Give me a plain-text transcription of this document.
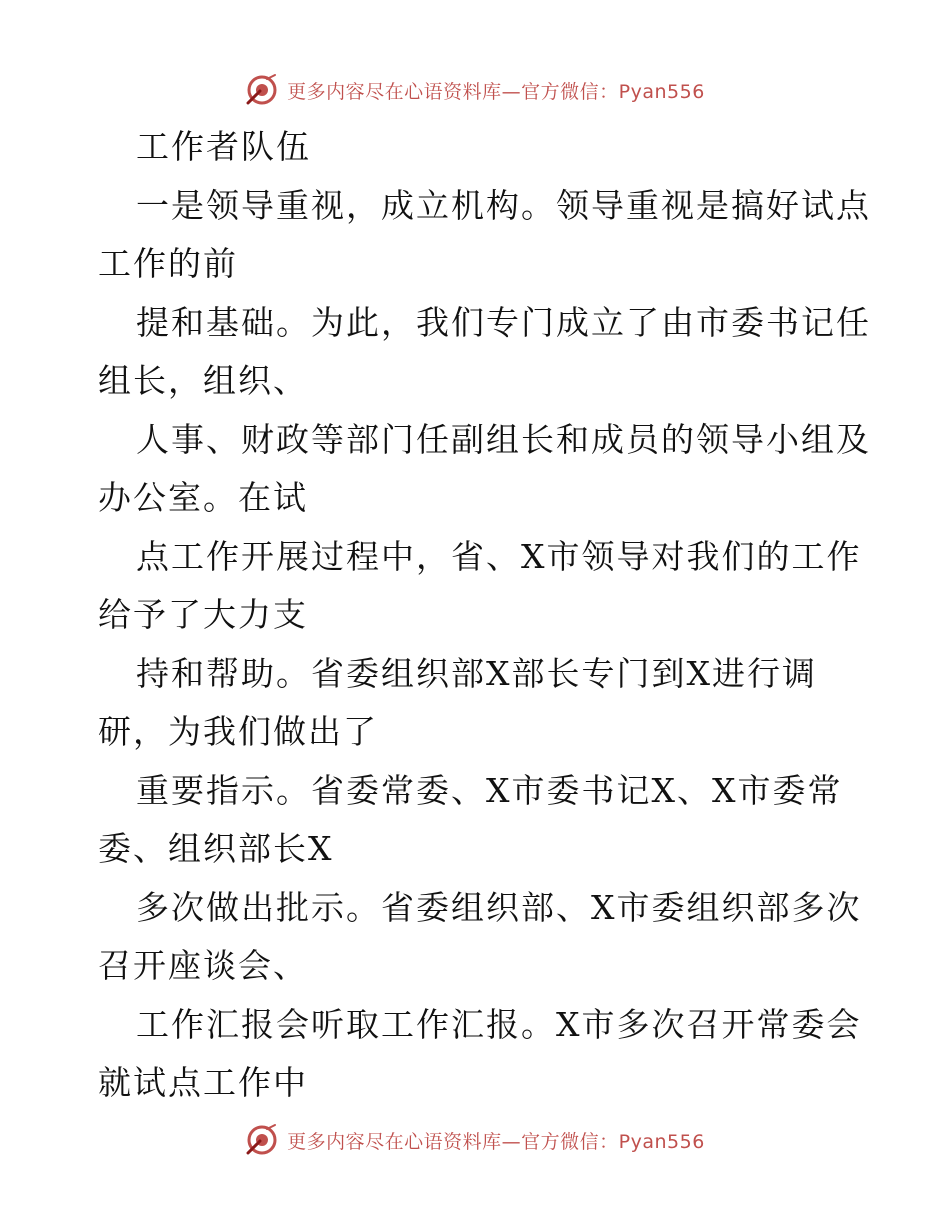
更多内容尽在心语资料库—官方微信：Pyan556
工作者队伍
一是领导重视，成立机构。领导重视是搞好试点
工作的前
提和基础。为此，我们专门成立了由市委书记任
组长，组织、
人事、财政等部门任副组长和成员的领导小组及
办公室。在试
点工作开展过程中，省、X市领导对我们的工作
给予了大力支
持和帮助。省委组织部X部长专门到X进行调
研，为我们做出了
重要指示。省委常委、X市委书记X、X市委常
委、组织部长X
多次做出批示。省委组织部、X市委组织部多次
召开座谈会、
工作汇报会听取工作汇报。X市多次召开常委会
就试点工作中
更多内容尽在心语资料库—官方微信：Pyan556
